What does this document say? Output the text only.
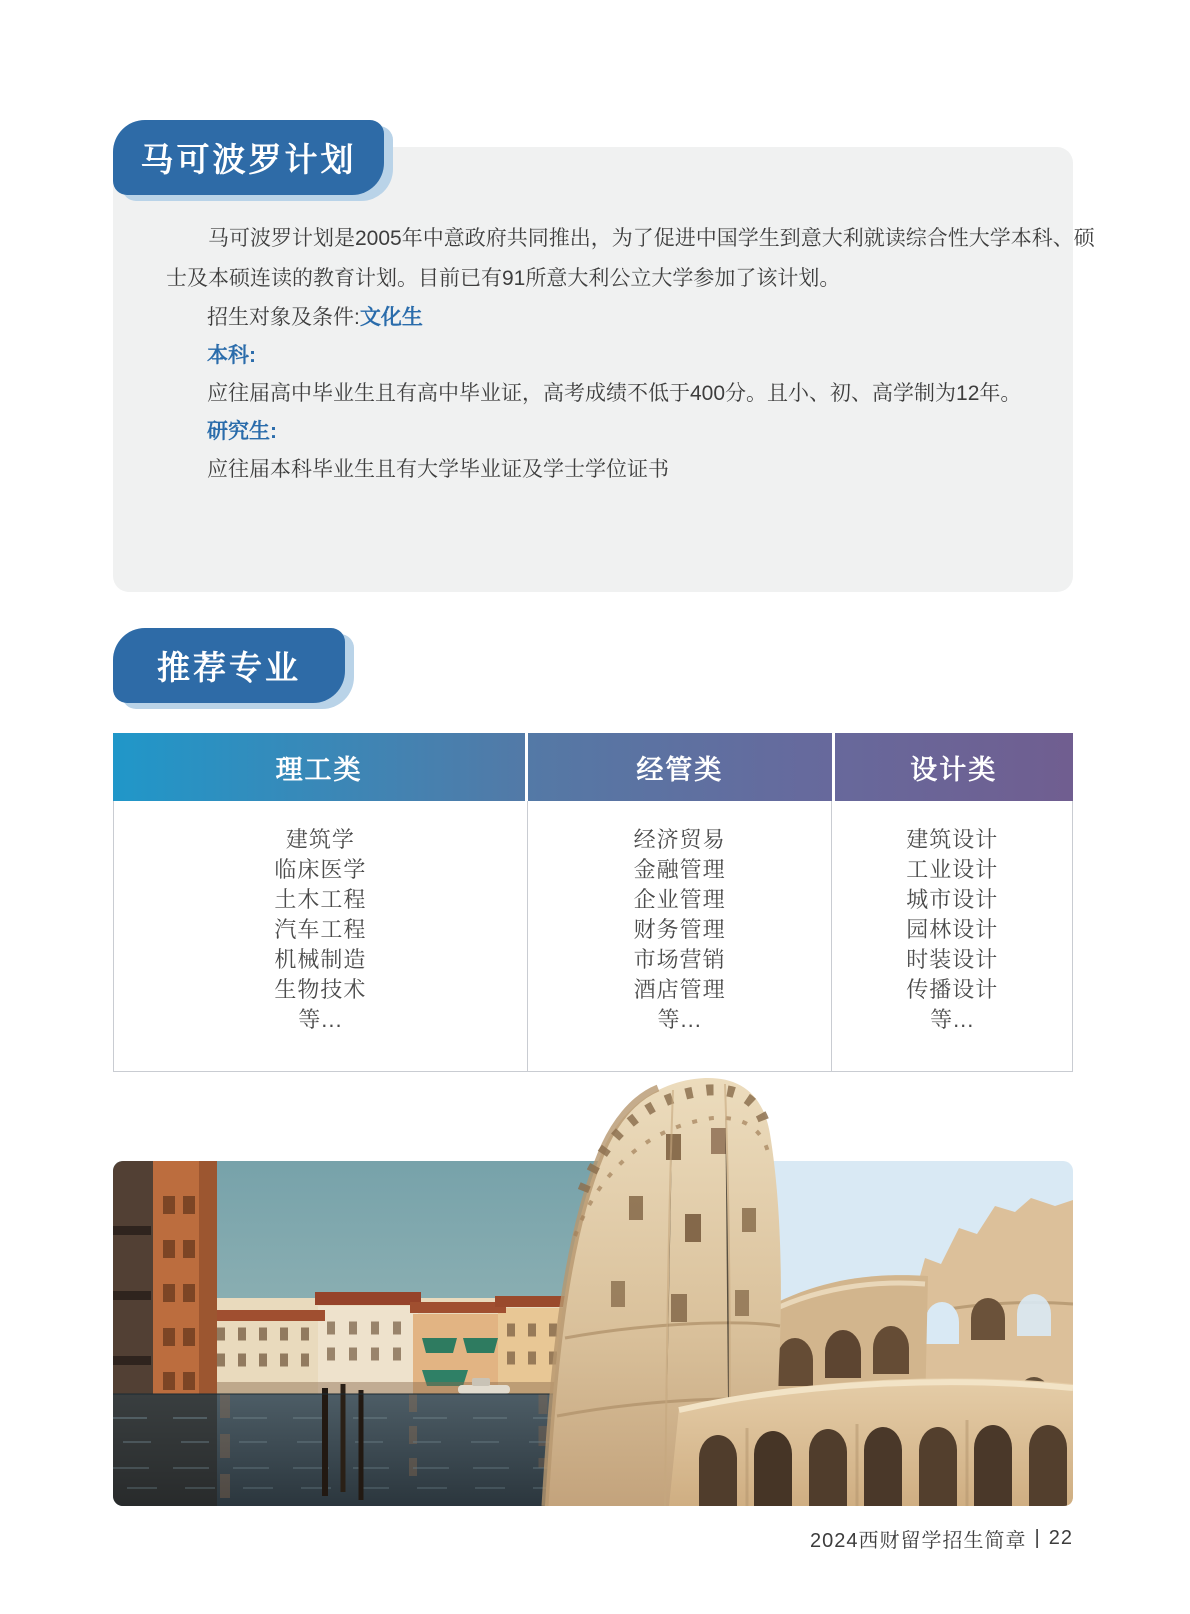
马可波罗计划
马可波罗计划是2005年中意政府共同推出，为了促进中国学生到意大利就读综合性大学本科、硕
士及本硕连读的教育计划。目前已有91所意大利公立大学参加了该计划。
招生对象及条件:文化生
本科:
应往届高中毕业生且有高中毕业证，高考成绩不低于400分。且小、初、高学制为12年。
研究生:
应往届本科毕业生且有大学毕业证及学士学位证书
推荐专业
理工类	经管类	设计类
建筑学
临床医学
土木工程
汽车工程
机械制造
生物技术
等...
经济贸易
金融管理
企业管理
财务管理
市场营销
酒店管理
等...
建筑设计
工业设计
城市设计
园林设计
时装设计
传播设计
等...
2024西财留学招生简章 | 22
